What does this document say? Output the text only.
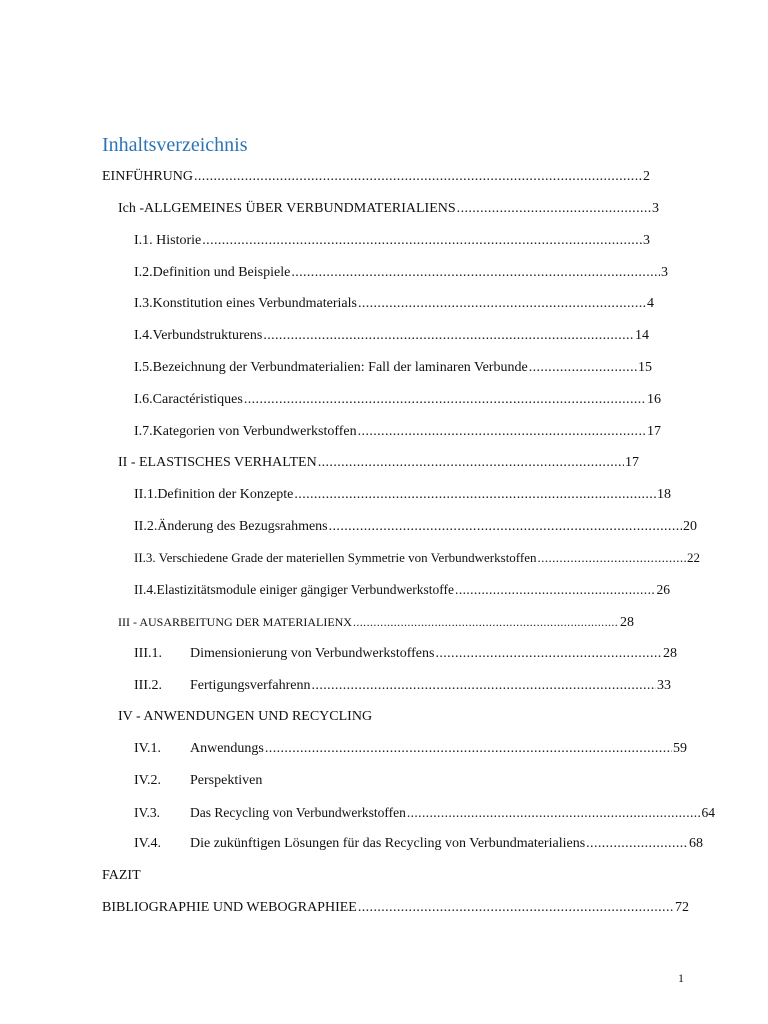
Inhaltsverzeichnis
EINFÜHRUNG .....	2
Ich - ALLGEMEINES ÜBER VERBUNDMATERIALIENS .....	3
I.1. Historie .....	3
I.2.Definition und Beispiele .....	3
I.3.Konstitution eines Verbundmaterials .....	4
I.4.Verbundstrukturens .....	14
I.5.Bezeichnung der Verbundmaterialien: Fall der laminaren Verbunde .....	15
I.6.Caractéristiques .....	16
I.7.Kategorien von Verbundwerkstoffen .....	17
II - ELASTISCHES VERHALTEN .....	17
II.1.Definition der Konzepte .....	18
II.2.Änderung des Bezugsrahmens .....	20
II.3. Verschiedene Grade der materiellen Symmetrie von Verbundwerkstoffen .....	22
II.4.Elastizitätsmodule einiger gängiger Verbundwerkstoffe .....	26
III - AUSARBEITUNG DER MATERIALIENX .....	28
III.1.	Dimensionierung von Verbundwerkstoffens .....	28
III.2.	Fertigungsverfahrenn .....	33
IV - ANWENDUNGEN UND RECYCLING
IV.1.	Anwendungs .....	59
IV.2.	Perspektiven
IV.3.	Das Recycling von Verbundwerkstoffen .....	64
IV.4.	Die zukünftigen Lösungen für das Recycling von Verbundmaterialiens .....	68
FAZIT
BIBLIOGRAPHIE UND WEBOGRAPHIEE .....	72

1
